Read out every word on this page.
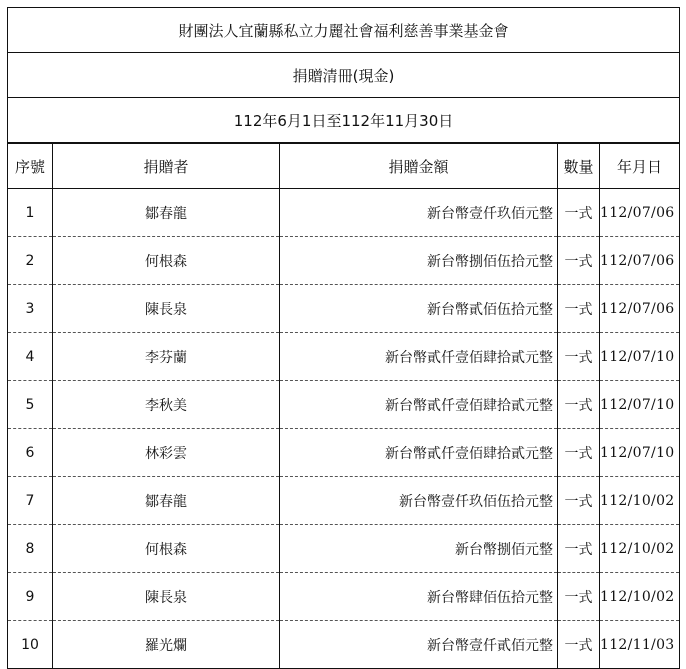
財團法人宜蘭縣私立力麗社會福利慈善事業基金會				
捐贈清冊(現金)				
112年6月1日至112年11月30日				
序號	捐贈者	捐贈金額	數量	年月日
1	鄒春龍	新台幣壹仟玖佰元整	一式	112/07/06
2	何根森	新台幣捌佰伍拾元整	一式	112/07/06
3	陳長泉	新台幣貳佰伍拾元整	一式	112/07/06
4	李芬蘭	新台幣貳仟壹佰肆拾貳元整	一式	112/07/10
5	李秋美	新台幣貳仟壹佰肆拾貳元整	一式	112/07/10
6	林彩雲	新台幣貳仟壹佰肆拾貳元整	一式	112/07/10
7	鄒春龍	新台幣壹仟玖佰伍拾元整	一式	112/10/02
8	何根森	新台幣捌佰元整	一式	112/10/02
9	陳長泉	新台幣肆佰伍拾元整	一式	112/10/02
10	羅光爛	新台幣壹仟貳佰元整	一式	112/11/03
